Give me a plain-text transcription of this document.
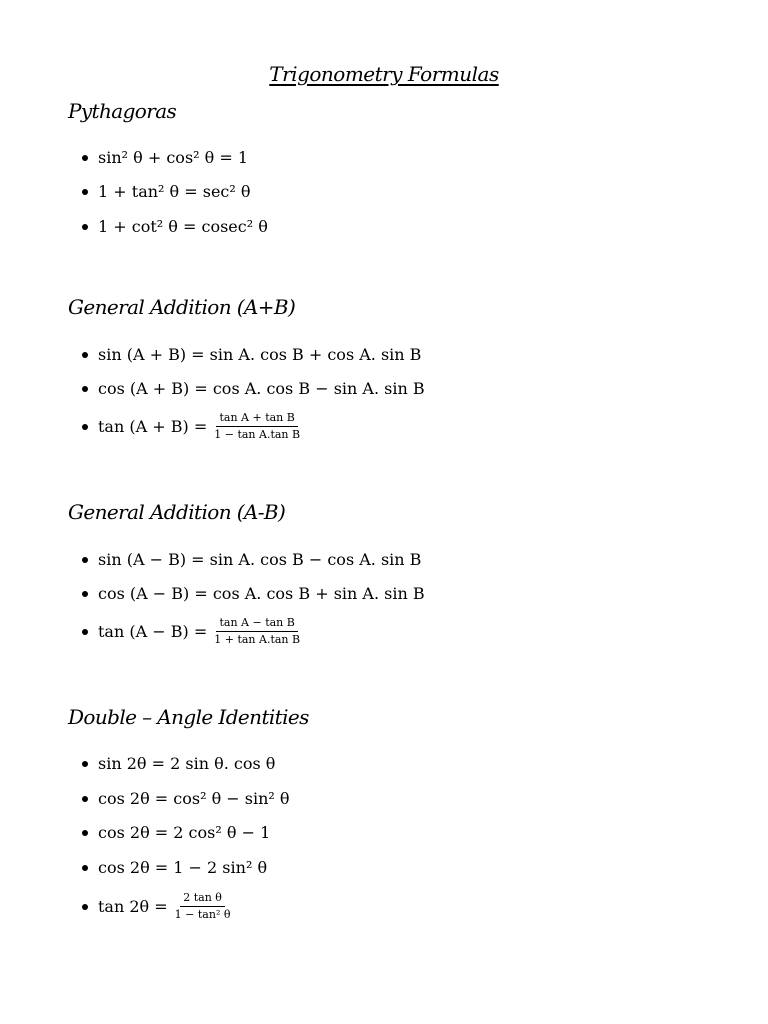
Trigonometry Formulas
Pythagoras
sin² θ + cos² θ = 1
1 + tan² θ = sec² θ
1 + cot² θ = cosec² θ
General Addition (A+B)
sin (A + B) = sin A. cos B + cos A. sin B
cos (A + B) = cos A. cos B − sin A. sin B
$\tan (A + B) = \frac{\text{tan A + tan B}}{\text{1 − tan A.tan B}}$
General Addition (A-B)
sin (A − B) = sin A. cos B − cos A. sin B
cos (A − B) = cos A. cos B + sin A. sin B
$\tan (A - B) = \frac{\text{tan A − tan B}}{\text{1 + tan A.tan B}}$
Double – Angle Identities
sin 2θ = 2 sin θ. cos θ
cos 2θ = cos² θ − sin² θ
cos 2θ = 2 cos² θ − 1
cos 2θ = 1 − 2 sin² θ
$\tan 2\theta = \frac{\text{2 tan θ}}{\text{1 − tan² θ}}$
